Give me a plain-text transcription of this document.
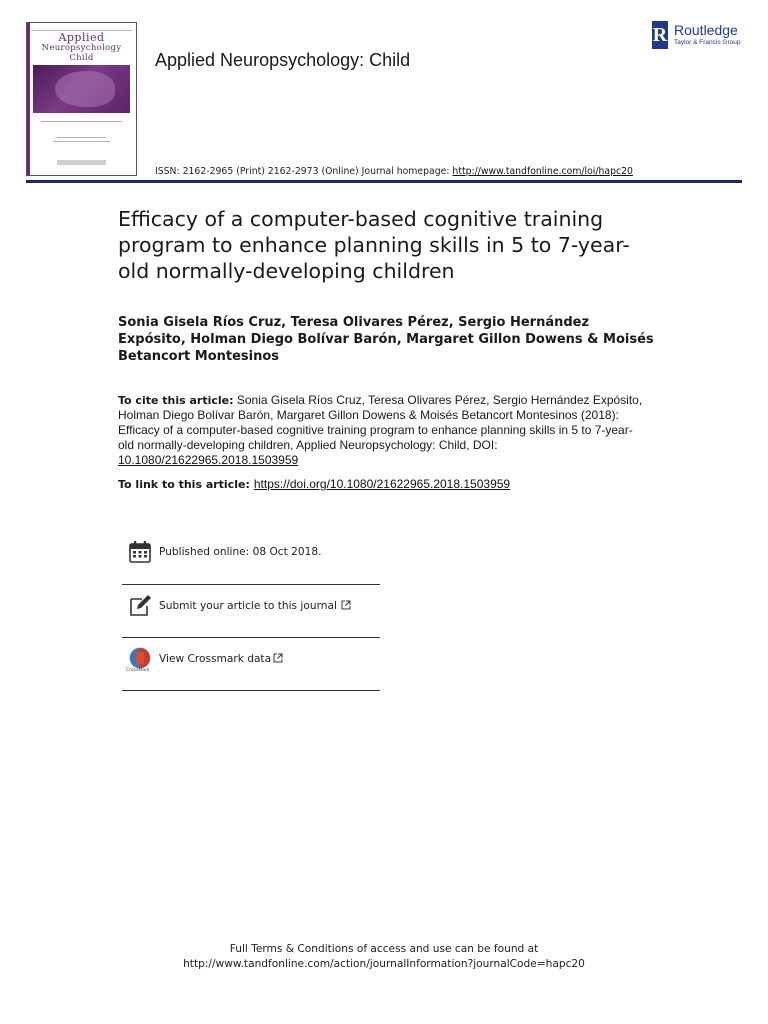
Applied
Neuropsychology
Child	Applied Neuropsychology: Child
R Routledge
Taylor & Francis Group
ISSN: 2162-2965 (Print) 2162-2973 (Online) Journal homepage: http://www.tandfonline.com/loi/hapc20
Efficacy of a computer-based cognitive training program to enhance planning skills in 5 to 7-year-old normally-developing children
Sonia Gisela Ríos Cruz, Teresa Olivares Pérez, Sergio Hernández Expósito, Holman Diego Bolívar Barón, Margaret Gillon Dowens & Moisés Betancort Montesinos
To cite this article: Sonia Gisela Ríos Cruz, Teresa Olivares Pérez, Sergio Hernández Expósito, Holman Diego Bolívar Barón, Margaret Gillon Dowens & Moisés Betancort Montesinos (2018): Efficacy of a computer-based cognitive training program to enhance planning skills in 5 to 7-year-old normally-developing children, Applied Neuropsychology: Child, DOI: 10.1080/21622965.2018.1503959
To link to this article: https://doi.org/10.1080/21622965.2018.1503959
Published online: 08 Oct 2018.
Submit your article to this journal
View Crossmark data
CrossMark
Full Terms & Conditions of access and use can be found at
http://www.tandfonline.com/action/journalInformation?journalCode=hapc20
